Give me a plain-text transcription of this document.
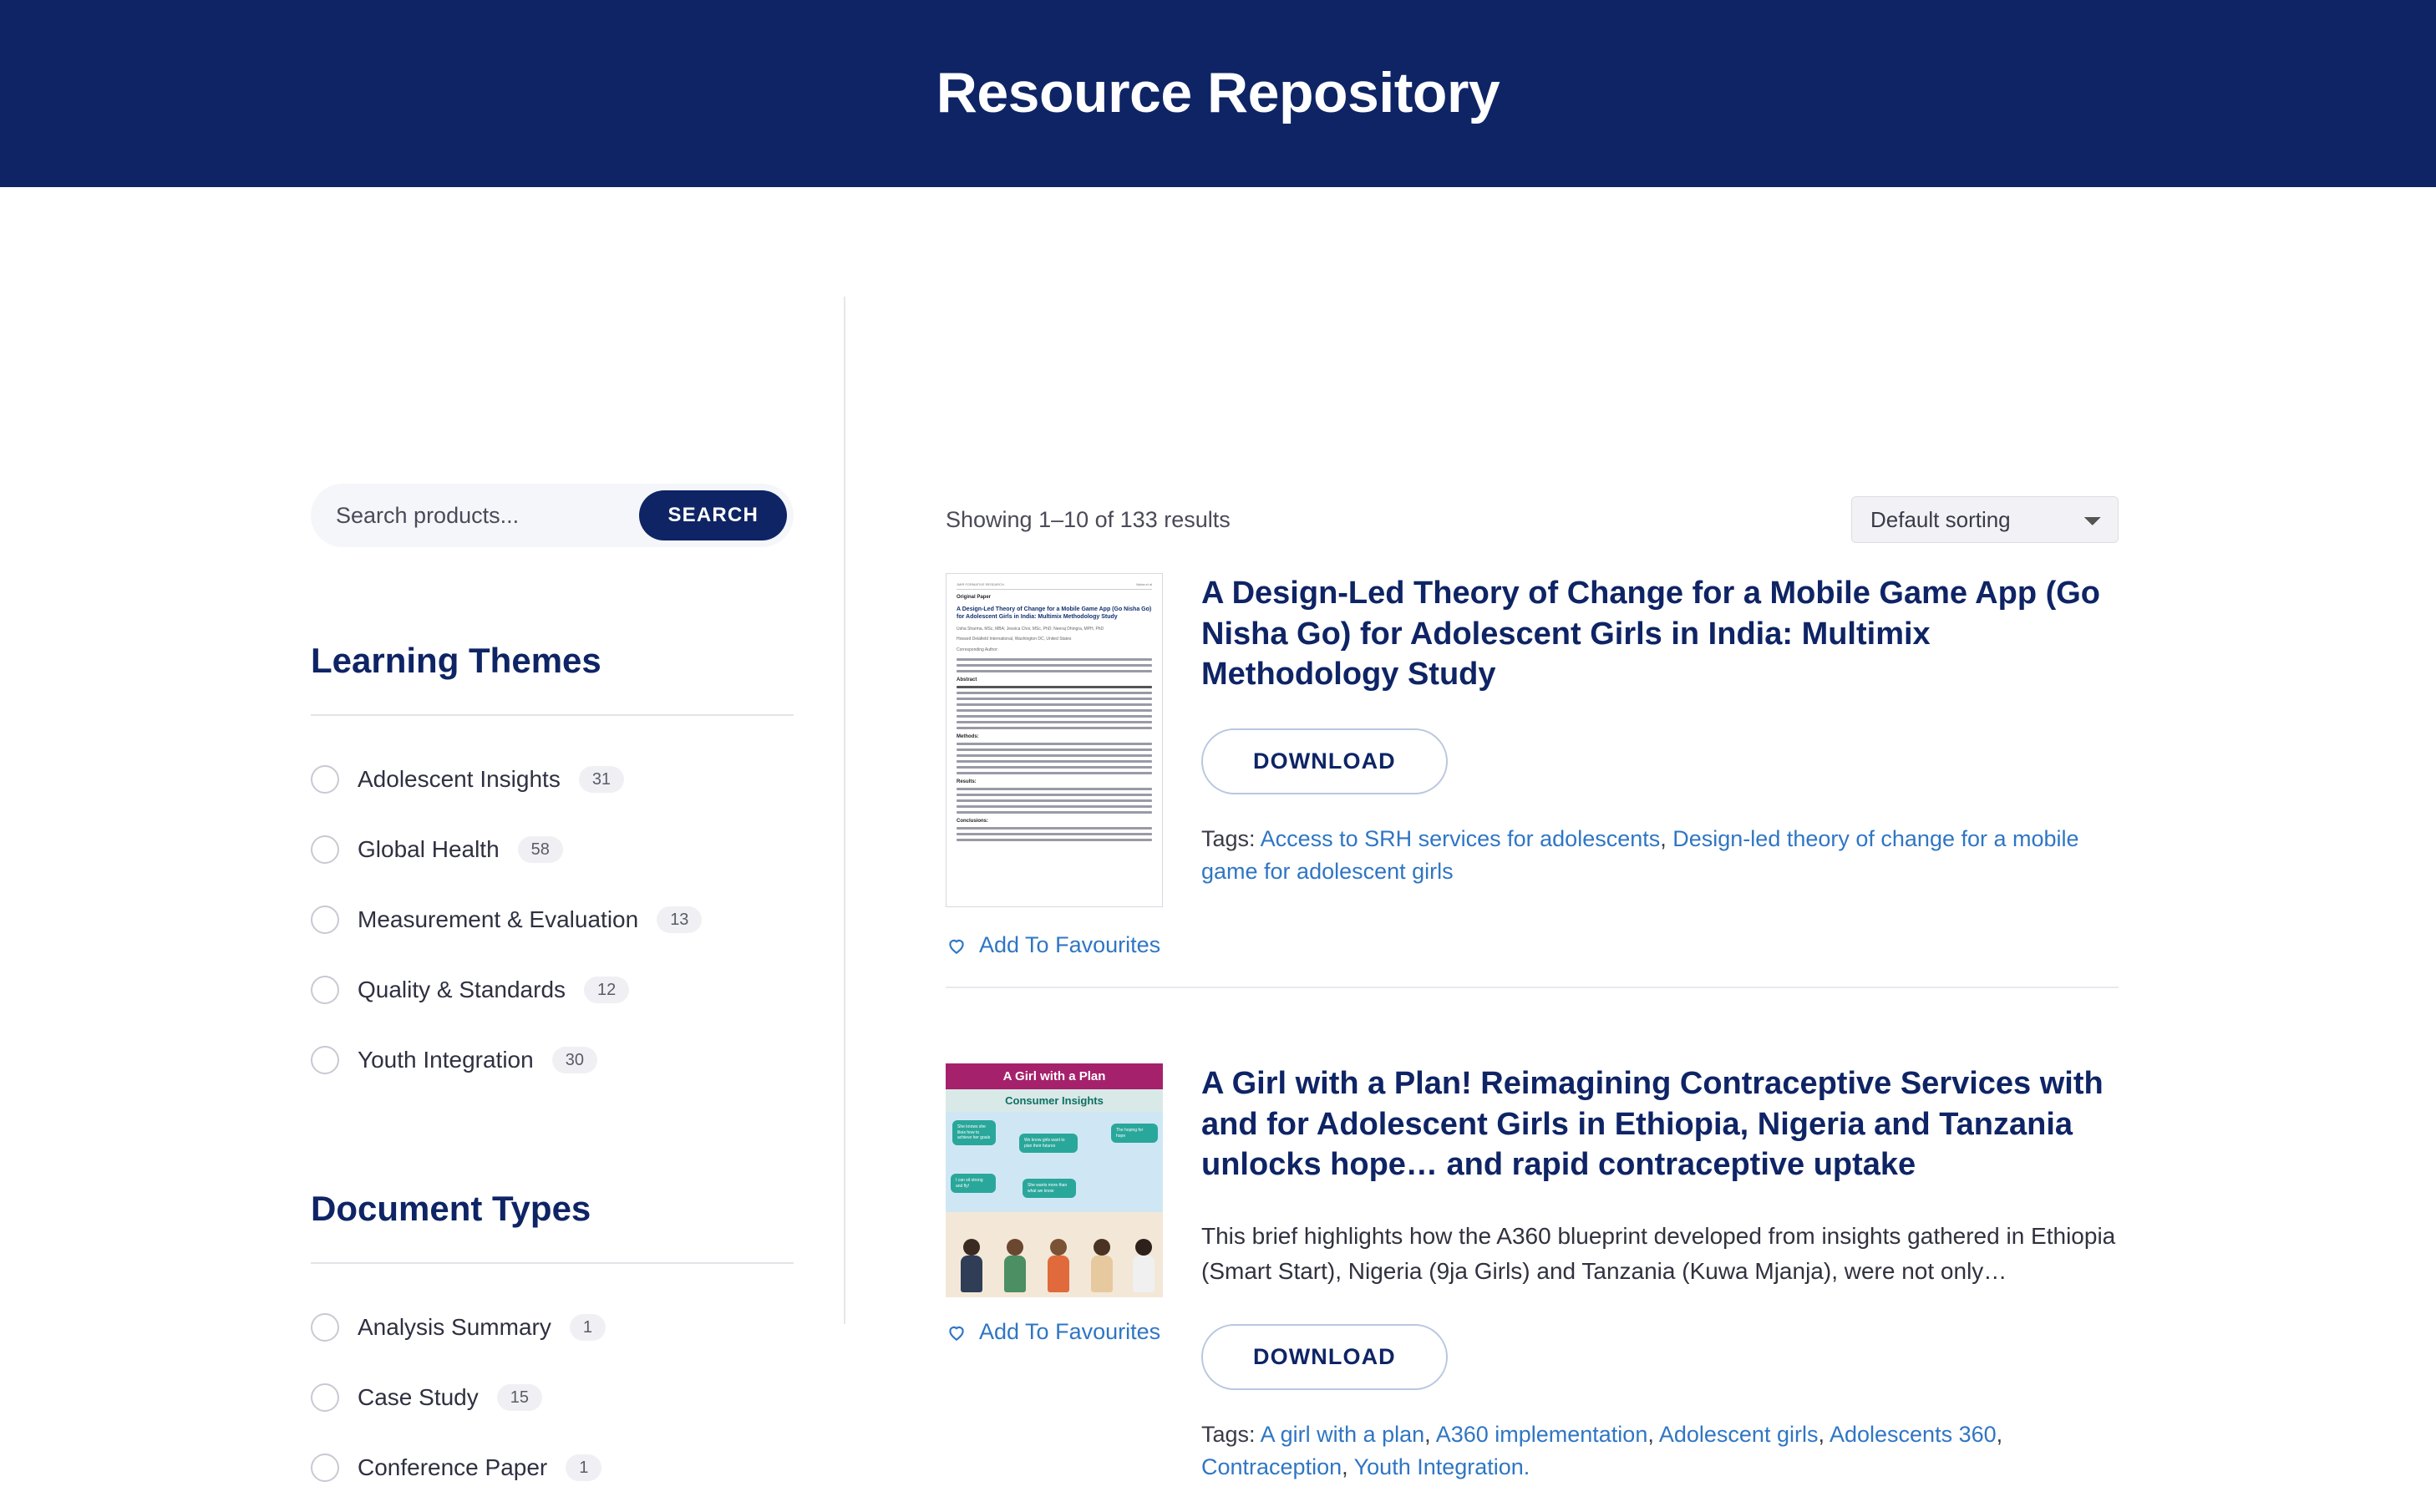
Resource Repository
Search products...
SEARCH
Learning Themes
Adolescent Insights	31
Global Health	58
Measurement & Evaluation	13
Quality & Standards	12
Youth Integration	30
Document Types
Analysis Summary	1
Case Study	15
Conference Paper	1
Showing 1–10 of 133 results
Default sorting
JMIR FORMATIVE RESEARCH	Nisha et al
Original Paper
A Design-Led Theory of Change for a Mobile Game App (Go Nisha Go) for Adolescent Girls in India: Multimix Methodology Study
Usha Sharma, MSc, MBA; Jessica Choi, MSc, PhD; Neeraj Dhingra, MPH, PhD
Howard Delafield International, Washington DC, United States
Corresponding Author:
Abstract
Methods:
Results:
Conclusions:
A Design-Led Theory of Change for a Mobile Game App (Go Nisha Go) for Adolescent Girls in India: Multimix Methodology Study
DOWNLOAD
Tags: Access to SRH services for adolescents, Design-led theory of change for a mobile game for adolescent girls
Add To Favourites
A Girl with a Plan
Consumer Insights
She knows she likes how to achieve her goals	We know girls want to plan their futures
The hoping for hope
I can sit strong and fly!	She wants more than what we know
Add To Favourites
A Girl with a Plan! Reimagining Contraceptive Services with and for Adolescent Girls in Ethiopia, Nigeria and Tanzania unlocks hope… and rapid contraceptive uptake

This brief highlights how the A360 blueprint developed from insights gathered in Ethiopia (Smart Start), Nigeria (9ja Girls) and Tanzania (Kuwa Mjanja), were not only…

DOWNLOAD
Tags: A girl with a plan, A360 implementation, Adolescent girls, Adolescents 360, Contraception, Youth Integration.
